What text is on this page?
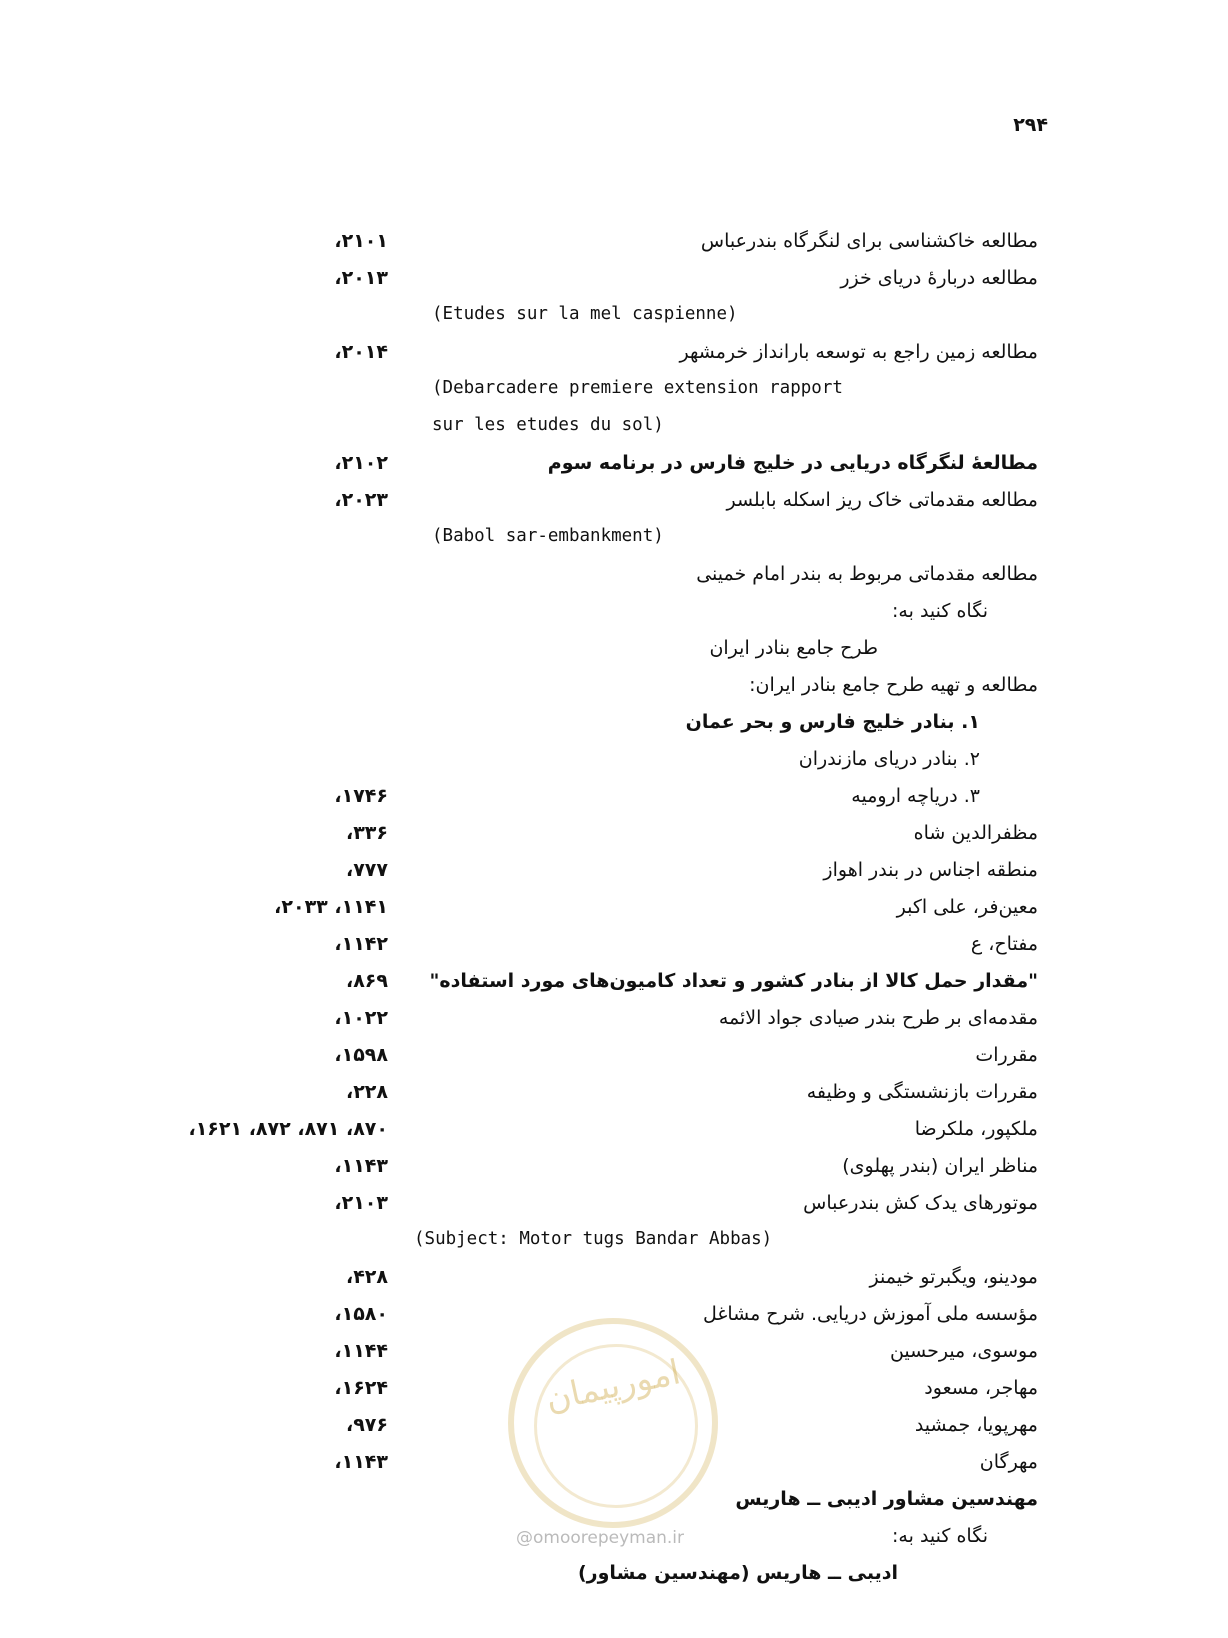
۲۹۴
مطالعه خاکشناسی برای لنگرگاه بندرعباس
۲۱۰۱،
مطالعه درباره‌ٔ دریای خزر
۲۰۱۳،
(Etudes sur la mel caspienne)
مطالعه زمین راجع به توسعه بارانداز خرمشهر
۲۰۱۴،
(Debarcadere premiere extension rapport
sur les etudes du sol)
مطالعهٔ لنگرگاه دریایی در خلیج فارس در برنامه سوم
۲۱۰۲،
مطالعه مقدماتی خاک ریز اسکله بابلسر
۲۰۲۳،
(Babol sar-embankment)
مطالعه مقدماتی مربوط به بندر امام خمینی
نگاه کنید به:
طرح جامع بنادر ایران
مطالعه و تهیه طرح جامع بنادر ایران:
۱. بنادر خلیج فارس و بحر عمان
۲. بنادر دریای مازندران
۳. دریاچه ارومیه
۱۷۴۶،
مظفرالدین شاه
۳۳۶،
منطقه اجناس در بندر اهواز
۷۷۷،
معین‌فر، علی اکبر
۱۱۴۱، ۲۰۳۳،
مفتاح، ع
۱۱۴۲،
"مقدار حمل کالا از بنادر کشور و تعداد کامیون‌های مورد استفاده"
۸۶۹،
مقدمه‌ای بر طرح بندر صیادی جواد الائمه
۱۰۲۲،
مقررات
۱۵۹۸،
مقررات بازنشستگی و وظیفه
۲۲۸،
ملکپور، ملکرضا
۸۷۰، ۸۷۱، ۸۷۲، ۱۶۲۱،
مناظر ایران (بندر پهلوی)
۱۱۴۳،
موتورهای یدک کش بندرعباس
۲۱۰۳،
(Subject: Motor tugs Bandar Abbas)
مودینو، ویگبرتو خیمنز
۴۲۸،
مؤسسه ملی آموزش دریایی. شرح مشاغل
۱۵۸۰،
موسوی، میرحسین
۱۱۴۴،
مهاجر، مسعود
۱۶۲۴،
مهرپویا، جمشید
۹۷۶،
مهرگان
۱۱۴۳،
مهندسین مشاور ادیبی ــ هاریس
نگاه کنید به:
ادیبی ــ هاریس (مهندسین مشاور)
امورپیمان
@omoorepeyman.ir
